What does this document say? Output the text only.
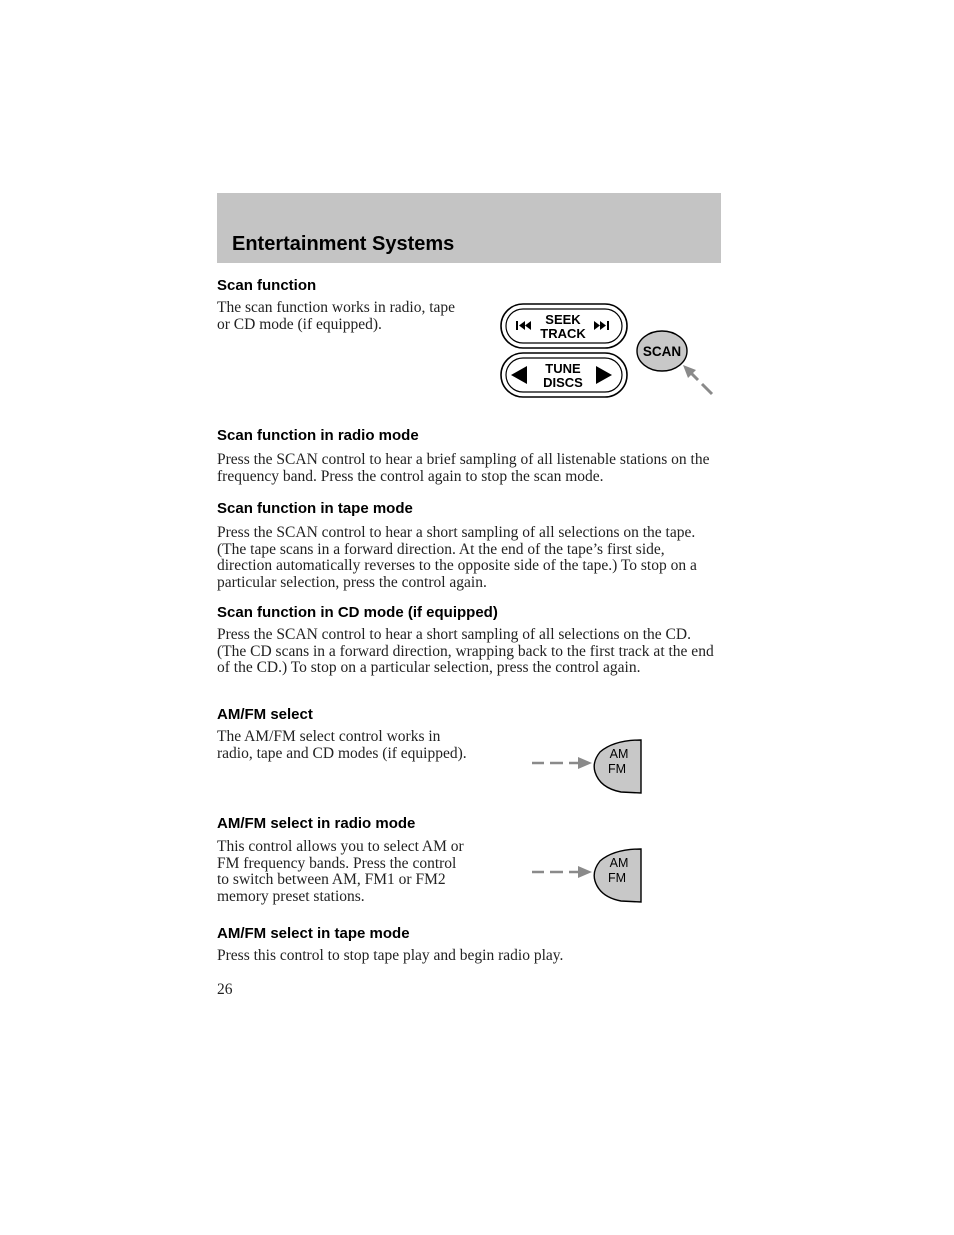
Entertainment Systems
Scan function
The scan function works in radio, tape or CD mode (if equipped).	SEEK
TRACK
TUNE
DISCS
SCAN
Scan function in radio mode
Press the SCAN control to hear a brief sampling of all listenable stations on the frequency band. Press the control again to stop the scan mode.
Scan function in tape mode
Press the SCAN control to hear a short sampling of all selections on the tape. (The tape scans in a forward direction. At the end of the tape’s first side, direction automatically reverses to the opposite side of the tape.) To stop on a particular selection, press the control again.
Scan function in CD mode (if equipped)
Press the SCAN control to hear a short sampling of all selections on the CD. (The CD scans in a forward direction, wrapping back to the first track at the end of the CD.) To stop on a particular selection, press the control again.
AM/FM select
The AM/FM select control works in radio, tape and CD modes (if equipped).	AM
FM
AM/FM select in radio mode
This control allows you to select AM or FM frequency bands. Press the control to switch between AM, FM1 or FM2 memory preset stations.
AM
FM
AM/FM select in tape mode
Press this control to stop tape play and begin radio play.
26
